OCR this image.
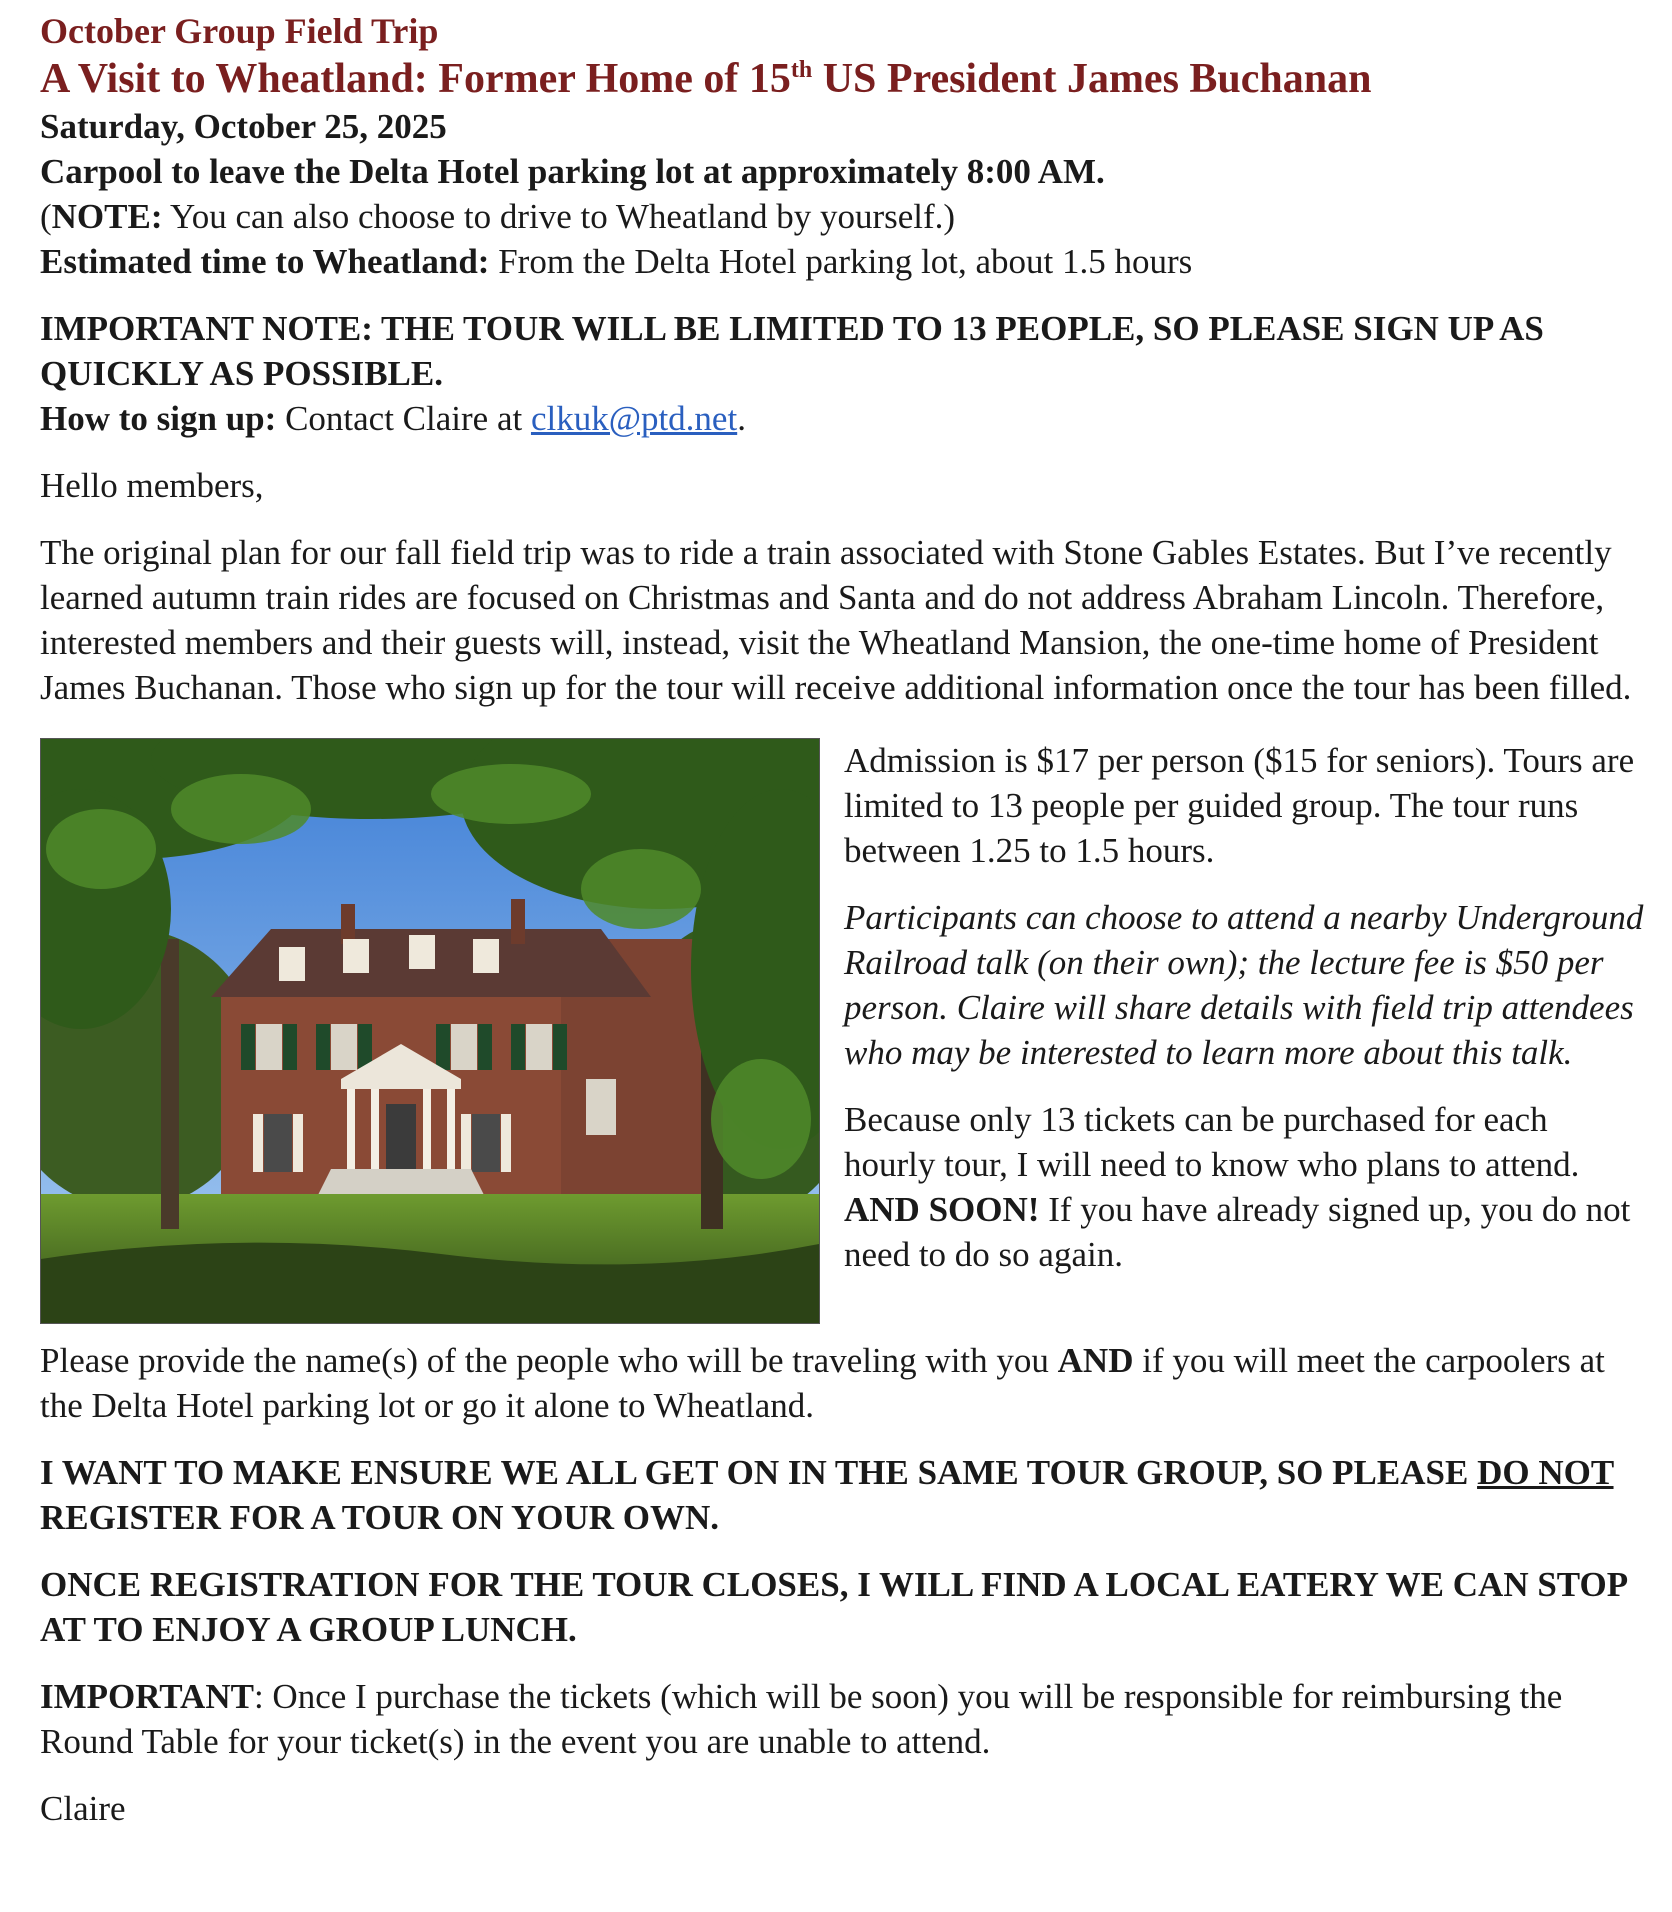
October Group Field Trip
A Visit to Wheatland: Former Home of 15th US President James Buchanan
Saturday, October 25, 2025
Carpool to leave the Delta Hotel parking lot at approximately 8:00 AM.
(NOTE: You can also choose to drive to Wheatland by yourself.)
Estimated time to Wheatland: From the Delta Hotel parking lot, about 1.5 hours
IMPORTANT NOTE: THE TOUR WILL BE LIMITED TO 13 PEOPLE, SO PLEASE SIGN UP AS QUICKLY AS POSSIBLE.
How to sign up: Contact Claire at clkuk@ptd.net.

Hello members,

The original plan for our fall field trip was to ride a train associated with Stone Gables Estates. But I’ve recently learned autumn train rides are focused on Christmas and Santa and do not address Abraham Lincoln. Therefore, interested members and their guests will, instead, visit the Wheatland Mansion, the one-time home of President James Buchanan. Those who sign up for the tour will receive additional information once the tour has been filled.

Admission is $17 per person ($15 for seniors). Tours are limited to 13 people per guided group. The tour runs between 1.25 to 1.5 hours.

Participants can choose to attend a nearby Underground Railroad talk (on their own); the lecture fee is $50 per person. Claire will share details with field trip attendees who may be interested to learn more about this talk.

Because only 13 tickets can be purchased for each hourly tour, I will need to know who plans to attend. AND SOON! If you have already signed up, you do not need to do so again.

Please provide the name(s) of the people who will be traveling with you AND if you will meet the carpoolers at the Delta Hotel parking lot or go it alone to Wheatland.

I WANT TO MAKE ENSURE WE ALL GET ON IN THE SAME TOUR GROUP, SO PLEASE DO NOT REGISTER FOR A TOUR ON YOUR OWN.

ONCE REGISTRATION FOR THE TOUR CLOSES, I WILL FIND A LOCAL EATERY WE CAN STOP AT TO ENJOY A GROUP LUNCH.

IMPORTANT: Once I purchase the tickets (which will be soon) you will be responsible for reimbursing the Round Table for your ticket(s) in the event you are unable to attend.

Claire
